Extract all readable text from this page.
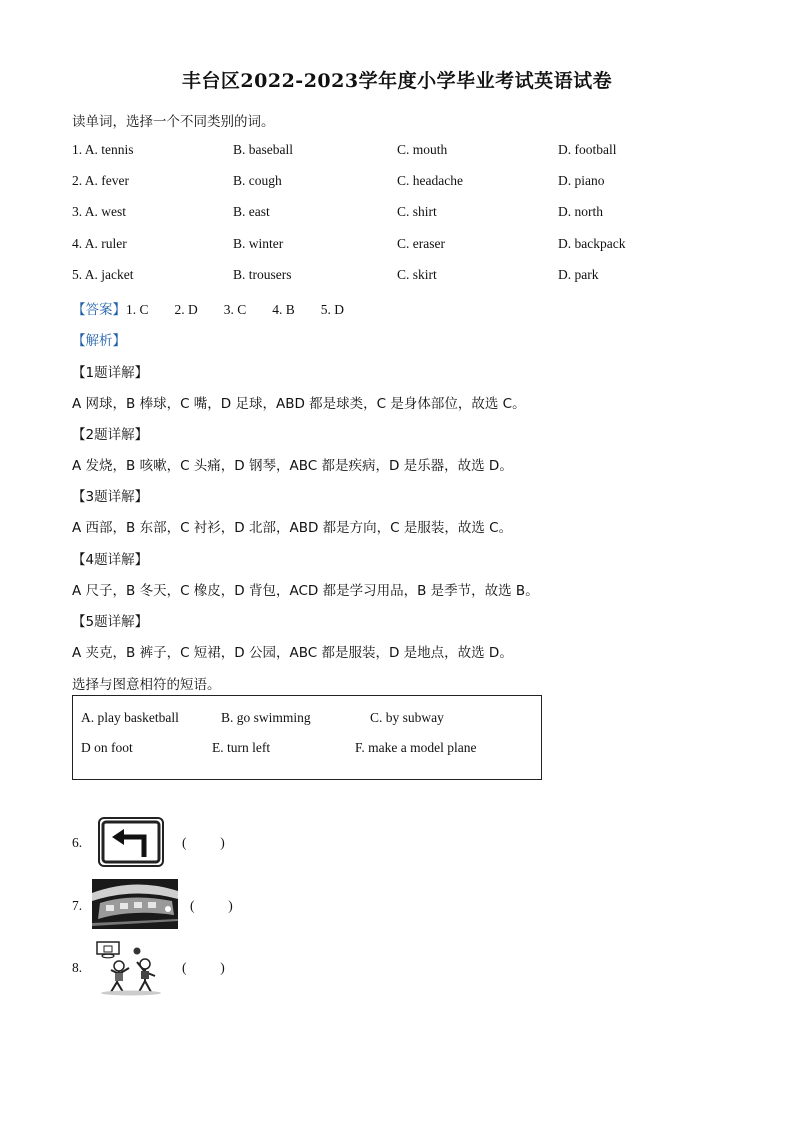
丰台区2022-2023学年度小学毕业考试英语试卷
读单词，选择一个不同类别的词。
1. A. tennis	B. baseball	C. mouth	D. football
2. A. fever	B. cough	C. headache	D. piano
3. A. west	B. east	C. shirt	D. north
4. A. ruler	B. winter	C. eraser	D. backpack
5. A. jacket	B. trousers	C. skirt	D. park
【答案】1. C 2. D 3. C 4. B 5. D
【解析】
【1题详解】
A 网球，B 棒球，C 嘴，D 足球，ABD 都是球类，C 是身体部位，故选 C。
【2题详解】
A 发烧，B 咳嗽，C 头痛，D 钢琴，ABC 都是疾病，D 是乐器，故选 D。
【3题详解】
A 西部，B 东部，C 衬衫，D 北部，ABD 都是方向，C 是服装，故选 C。
【4题详解】
A 尺子，B 冬天，C 橡皮，D 背包，ACD 都是学习用品，B 是季节，故选 B。
【5题详解】
A 夹克，B 裤子，C 短裙，D 公园，ABC 都是服装，D 是地点，故选 D。
选择与图意相符的短语。
A. play basketball	B. go swimming	C. by subway
D on foot	E. turn left	F. make a model plane
6.	(          )
7.	(          )
8.	(          )
